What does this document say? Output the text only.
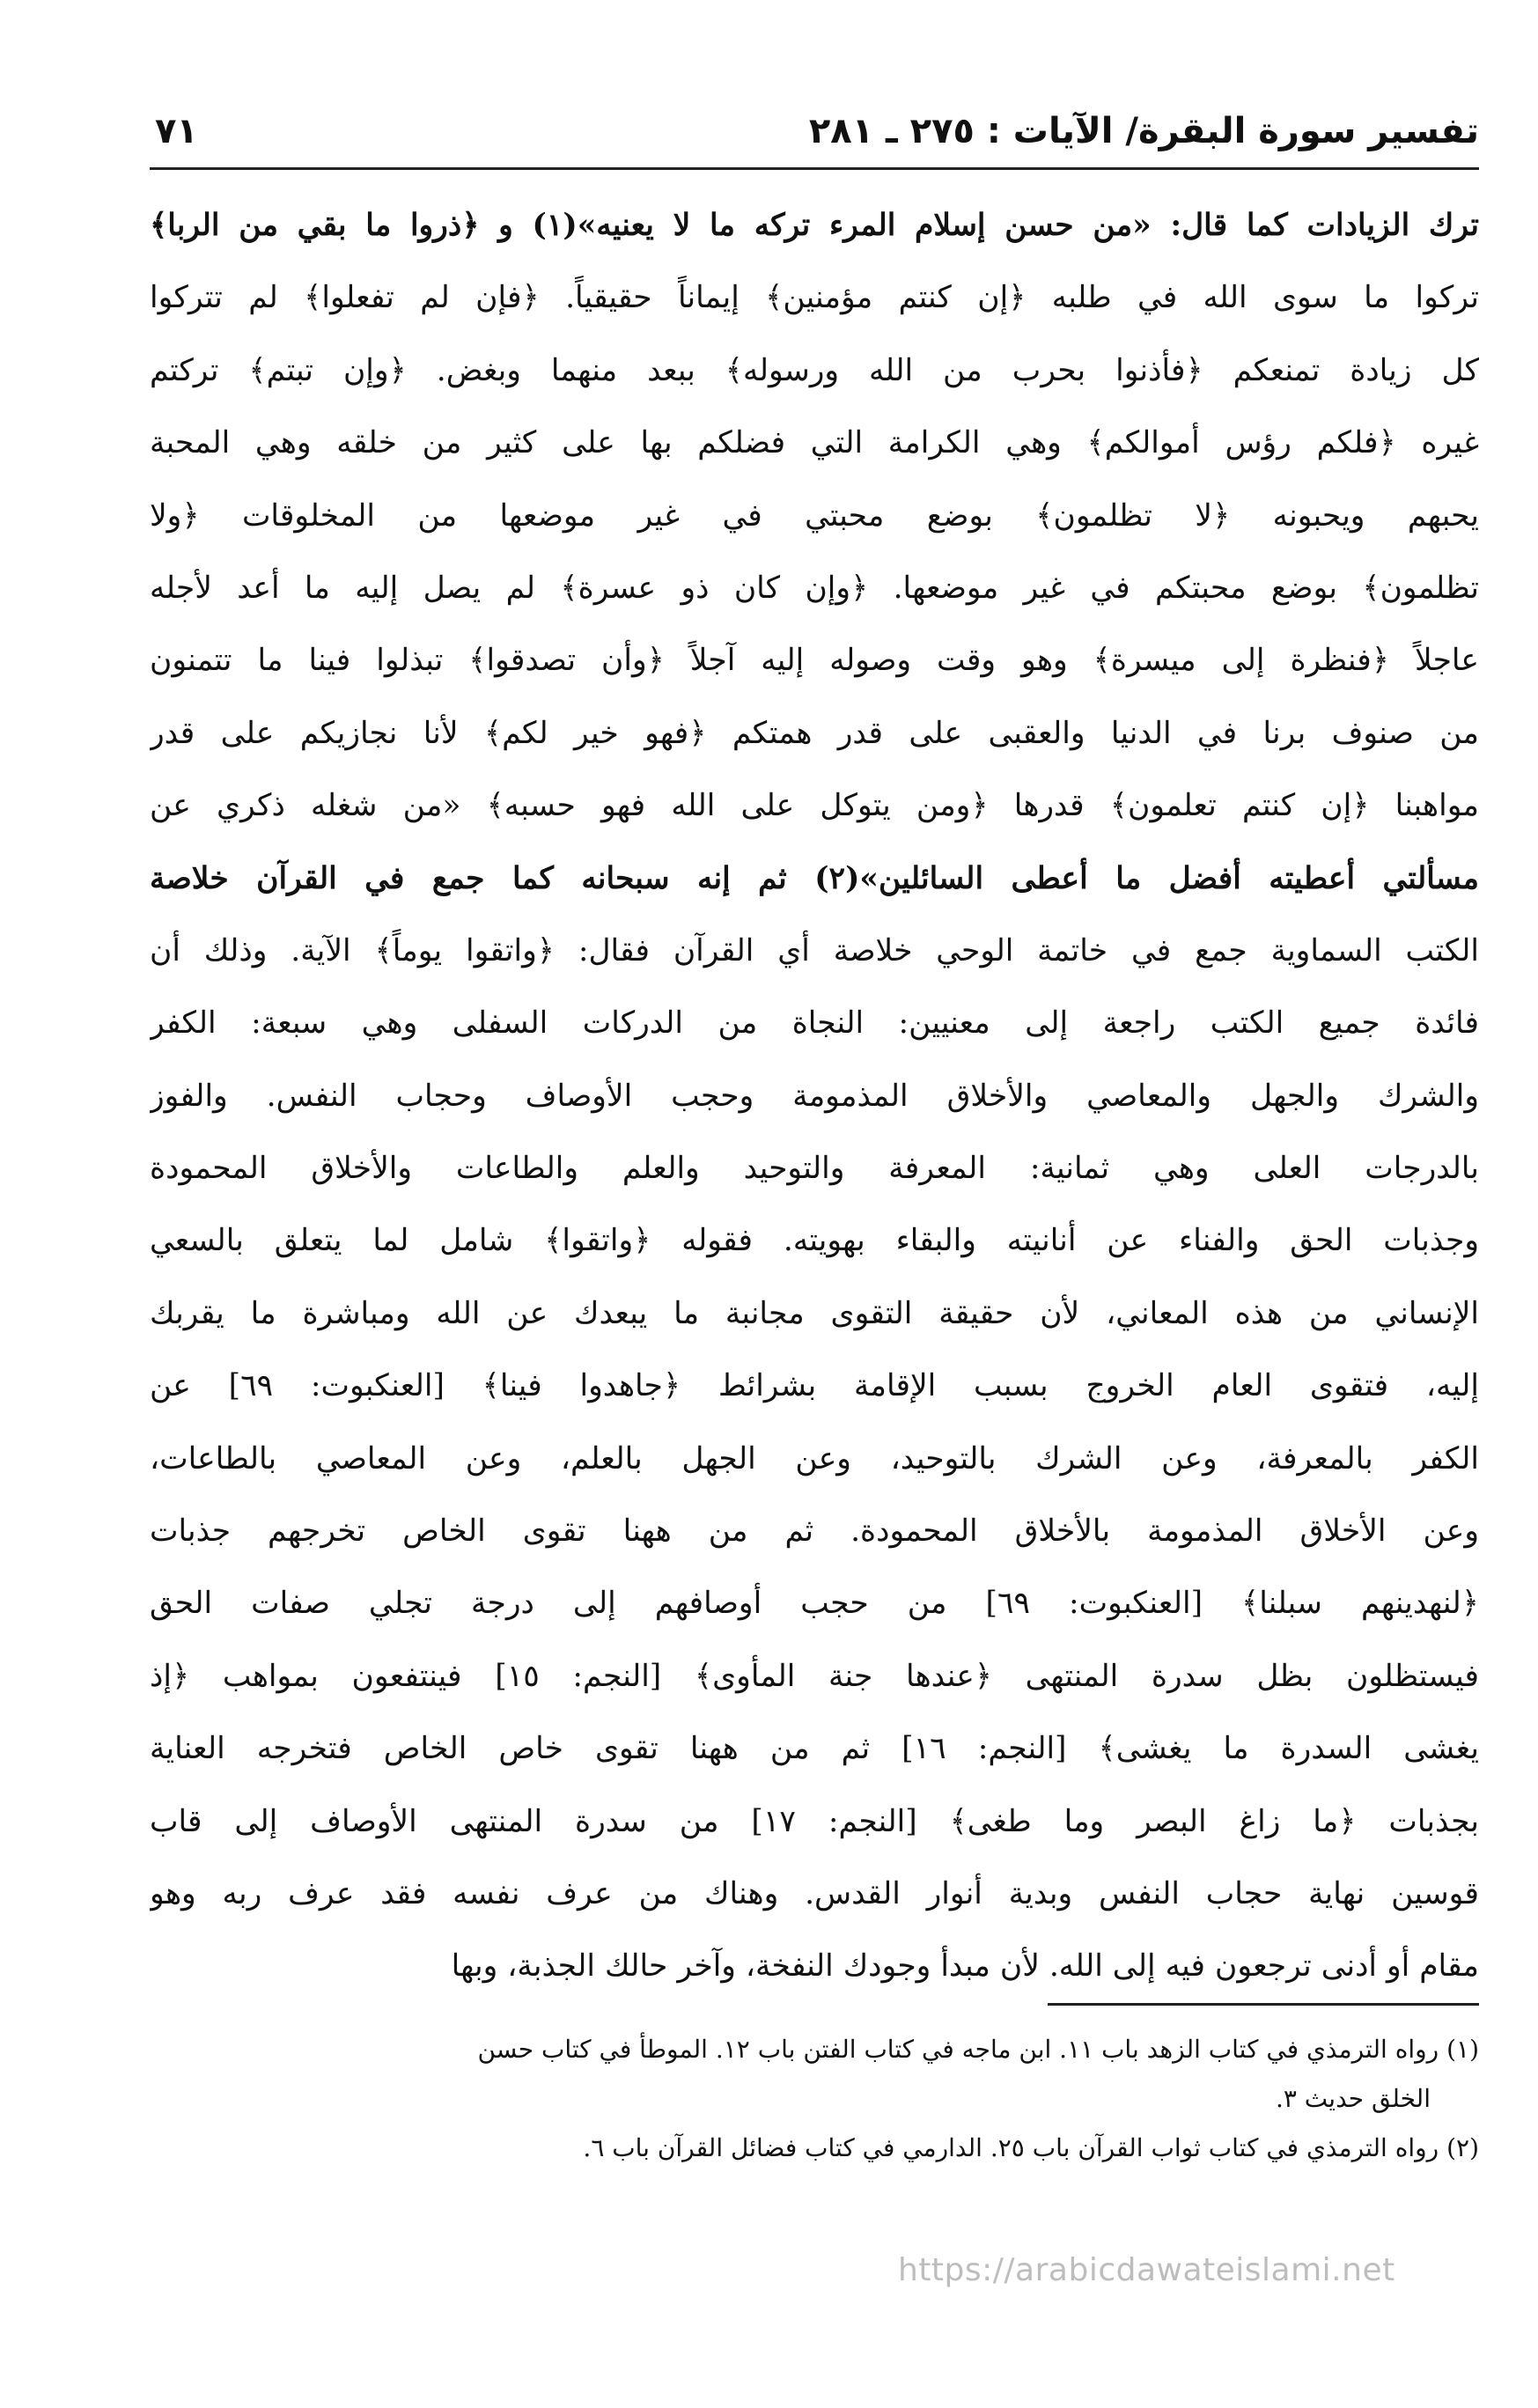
تفسير سورة البقرة/ الآيات : ٢٧٥ ـ ٢٨١
٧١
ترك الزيادات كما قال: «من حسن إسلام المرء تركه ما لا يعنيه»(١) و ﴿ذروا ما بقي من الربا﴾
تركوا ما سوى الله في طلبه ﴿إن كنتم مؤمنين﴾ إيماناً حقيقياً. ﴿فإن لم تفعلوا﴾ لم تتركوا
كل زيادة تمنعكم ﴿فأذنوا بحرب من الله ورسوله﴾ ببعد منهما وبغض. ﴿وإن تبتم﴾ تركتم
غيره ﴿فلكم رؤس أموالكم﴾ وهي الكرامة التي فضلكم بها على كثير من خلقه وهي المحبة
يحبهم ويحبونه ﴿لا تظلمون﴾ بوضع محبتي في غير موضعها من المخلوقات ﴿ولا
تظلمون﴾ بوضع محبتكم في غير موضعها. ﴿وإن كان ذو عسرة﴾ لم يصل إليه ما أعد لأجله
عاجلاً ﴿فنظرة إلى ميسرة﴾ وهو وقت وصوله إليه آجلاً ﴿وأن تصدقوا﴾ تبذلوا فينا ما تتمنون
من صنوف برنا في الدنيا والعقبى على قدر همتكم ﴿فهو خير لكم﴾ لأنا نجازيكم على قدر
مواهبنا ﴿إن كنتم تعلمون﴾ قدرها ﴿ومن يتوكل على الله فهو حسبه﴾ «من شغله ذكري عن
مسألتي أعطيته أفضل ما أعطى السائلين»(٢) ثم إنه سبحانه كما جمع في القرآن خلاصة
الكتب السماوية جمع في خاتمة الوحي خلاصة أي القرآن فقال: ﴿واتقوا يوماً﴾ الآية. وذلك أن
فائدة جميع الكتب راجعة إلى معنيين: النجاة من الدركات السفلى وهي سبعة: الكفر
والشرك والجهل والمعاصي والأخلاق المذمومة وحجب الأوصاف وحجاب النفس. والفوز
بالدرجات العلى وهي ثمانية: المعرفة والتوحيد والعلم والطاعات والأخلاق المحمودة
وجذبات الحق والفناء عن أنانيته والبقاء بهويته. فقوله ﴿واتقوا﴾ شامل لما يتعلق بالسعي
الإنساني من هذه المعاني، لأن حقيقة التقوى مجانبة ما يبعدك عن الله ومباشرة ما يقربك
إليه، فتقوى العام الخروج بسبب الإقامة بشرائط ﴿جاهدوا فينا﴾ [العنكبوت: ٦٩] عن
الكفر بالمعرفة، وعن الشرك بالتوحيد، وعن الجهل بالعلم، وعن المعاصي بالطاعات،
وعن الأخلاق المذمومة بالأخلاق المحمودة. ثم من ههنا تقوى الخاص تخرجهم جذبات
﴿لنهدينهم سبلنا﴾ [العنكبوت: ٦٩] من حجب أوصافهم إلى درجة تجلي صفات الحق
فيستظلون بظل سدرة المنتهى ﴿عندها جنة المأوى﴾ [النجم: ١٥] فينتفعون بمواهب ﴿إذ
يغشى السدرة ما يغشى﴾ [النجم: ١٦] ثم من ههنا تقوى خاص الخاص فتخرجه العناية
بجذبات ﴿ما زاغ البصر وما طغى﴾ [النجم: ١٧] من سدرة المنتهى الأوصاف إلى قاب
قوسين نهاية حجاب النفس وبدية أنوار القدس. وهناك من عرف نفسه فقد عرف ربه وهو
مقام أو أدنى ترجعون فيه إلى الله. لأن مبدأ وجودك النفخة، وآخر حالك الجذبة، وبها
(١) رواه الترمذي في كتاب الزهد باب ١١. ابن ماجه في كتاب الفتن باب ١٢. الموطأ في كتاب حسن
الخلق حديث ٣.
(٢) رواه الترمذي في كتاب ثواب القرآن باب ٢٥. الدارمي في كتاب فضائل القرآن باب ٦.
https://arabicdawateislami.net
